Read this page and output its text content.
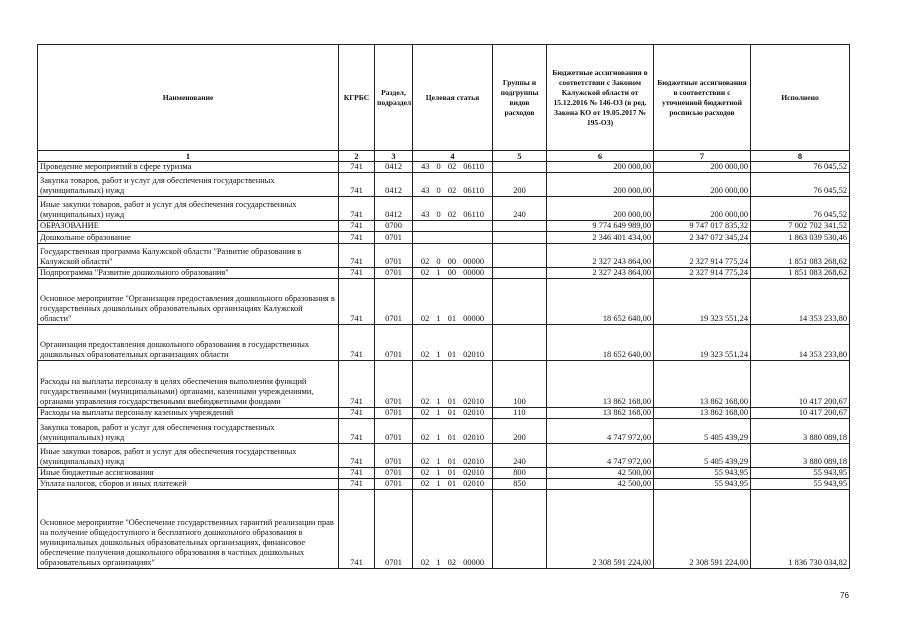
Наименование	КГРБС	Раздел, подраздел	Целевая статья	Группы и подгруппы видов расходов	Бюджетные ассигнования в соответствии с Законом Калужской области от 15.12.2016 № 146-ОЗ (в ред. Закона КО от 19.05.2017 № 195-ОЗ)	Бюджетные ассигнования в соответствии с уточненной бюджетной росписью расходов	Исполнено
1	2	3	4	5	6	7	8
Проведение мероприятий в сфере туризма	741	0412	43 0 02 06110		200 000,00	200 000,00	76 045,52
Закупка товаров, работ и услуг для обеспечения государственных (муниципальных) нужд	741	0412	43 0 02 06110	200	200 000,00	200 000,00	76 045,52
Иные закупки товаров, работ и услуг для обеспечения государственных (муниципальных) нужд	741	0412	43 0 02 06110	240	200 000,00	200 000,00	76 045,52
ОБРАЗОВАНИЕ	741	0700			9 774 649 989,00	9 747 017 835,32	7 002 702 341,52
Дошкольное образование	741	0701			2 346 401 434,00	2 347 072 345,24	1 863 039 530,46
Государственная программа Калужской области "Развитие образования в Калужской области"	741	0701	02 0 00 00000		2 327 243 864,00	2 327 914 775,24	1 851 083 268,62
Подпрограмма "Развитие дошкольного образования"	741	0701	02 1 00 00000		2 327 243 864,00	2 327 914 775,24	1 851 083 268,62
Основное мероприятие "Организация предоставления дошкольного образования в государственных дошкольных образовательных организациях Калужской области"	741	0701	02 1 01 00000		18 652 640,00	19 323 551,24	14 353 233,80
Организация предоставления дошкольного образования в государственных дошкольных образовательных организациях области	741	0701	02 1 01 02010		18 652 640,00	19 323 551,24	14 353 233,80
Расходы на выплаты персоналу в целях обеспечения выполнения функций государственными (муниципальными) органами, казенными учреждениями, органами управления государственными внебюджетными фондами	741	0701	02 1 01 02010	100	13 862 168,00	13 862 168,00	10 417 200,67
Расходы на выплаты персоналу казенных учреждений	741	0701	02 1 01 02010	110	13 862 168,00	13 862 168,00	10 417 200,67
Закупка товаров, работ и услуг для обеспечения государственных (муниципальных) нужд	741	0701	02 1 01 02010	200	4 747 972,00	5 405 439,29	3 880 089,18
Иные закупки товаров, работ и услуг для обеспечения государственных (муниципальных) нужд	741	0701	02 1 01 02010	240	4 747 972,00	5 405 439,29	3 880 089,18
Иные бюджетные ассигнования	741	0701	02 1 01 02010	800	42 500,00	55 943,95	55 943,95
Уплата налогов, сборов и иных платежей	741	0701	02 1 01 02010	850	42 500,00	55 943,95	55 943,95
Основное мероприятие "Обеспечение государственных гарантий реализации прав на получение общедоступного и бесплатного дошкольного образования в муниципальных дошкольных образовательных организациях, финансовое обеспечение получения дошкольного образования в частных дошкольных образовательных организациях"	741	0701	02 1 02 00000		2 308 591 224,00	2 308 591 224,00	1 836 730 034,82
76
